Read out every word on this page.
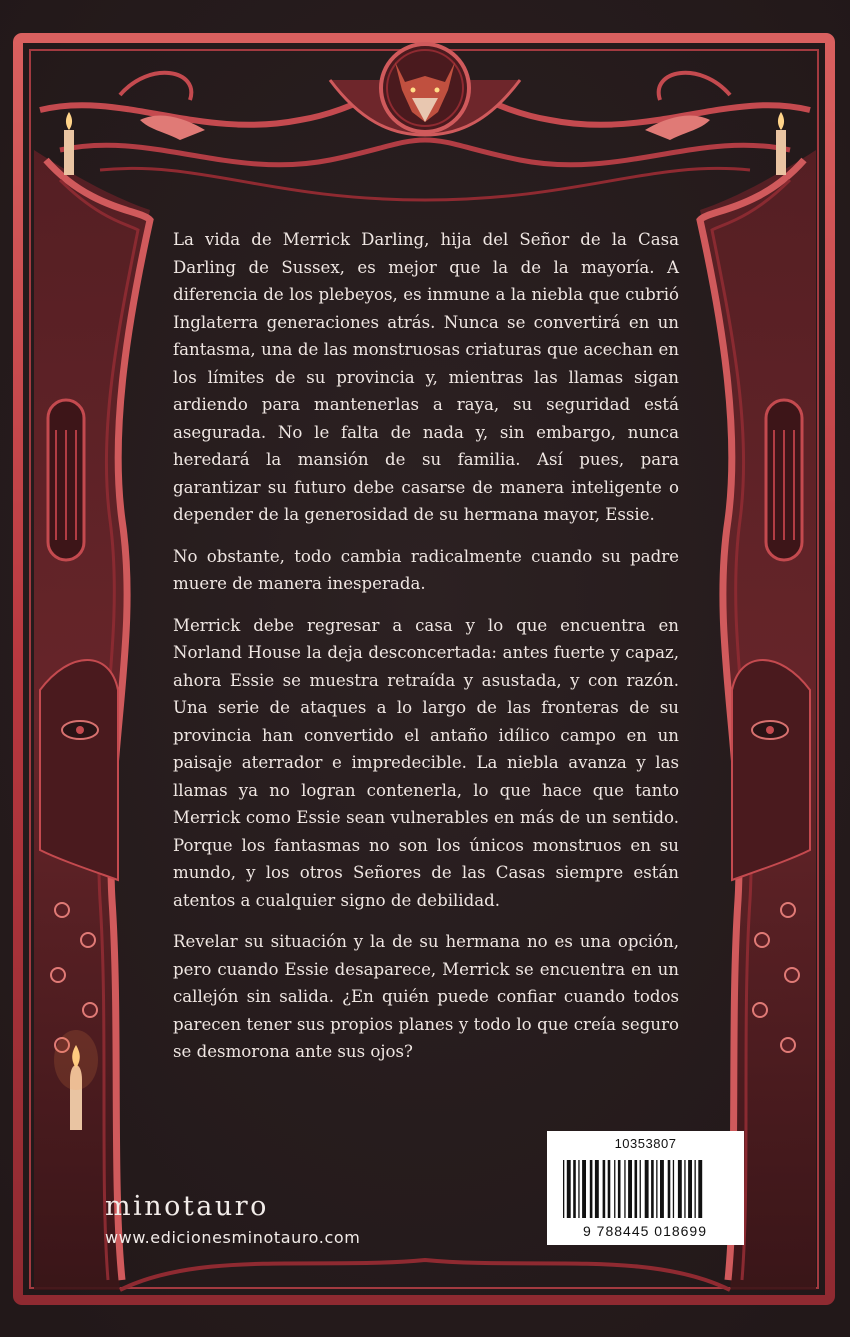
La vida de Merrick Darling, hija del Señor de la Casa Darling de Sussex, es mejor que la de la mayoría. A diferencia de los plebeyos, es inmune a la niebla que cubrió Inglaterra generaciones atrás. Nunca se convertirá en un fantasma, una de las monstruosas criaturas que acechan en los límites de su provincia y, mientras las llamas sigan ardiendo para mantenerlas a raya, su seguridad está asegurada. No le falta de nada y, sin embargo, nunca heredará la mansión de su familia. Así pues, para garantizar su futuro debe casarse de manera inteligente o depender de la generosidad de su hermana mayor, Essie.

No obstante, todo cambia radicalmente cuando su padre muere de manera inesperada.

Merrick debe regresar a casa y lo que encuentra en Norland House la deja desconcertada: antes fuerte y capaz, ahora Essie se muestra retraída y asustada, y con razón. Una serie de ataques a lo largo de las fronteras de su provincia han convertido el antaño idílico campo en un paisaje aterrador e impredecible. La niebla avanza y las llamas ya no logran contenerla, lo que hace que tanto Merrick como Essie sean vulnerables en más de un sentido. Porque los fantasmas no son los únicos monstruos en su mundo, y los otros Señores de las Casas siempre están atentos a cualquier signo de debilidad.

Revelar su situación y la de su hermana no es una opción, pero cuando Essie desaparece, Merrick se encuentra en un callejón sin salida. ¿En quién puede confiar cuando todos parecen tener sus propios planes y todo lo que creía seguro se desmorona ante sus ojos?

minotauro
www.edicionesminotauro.com
10353807
9 788445 018699
